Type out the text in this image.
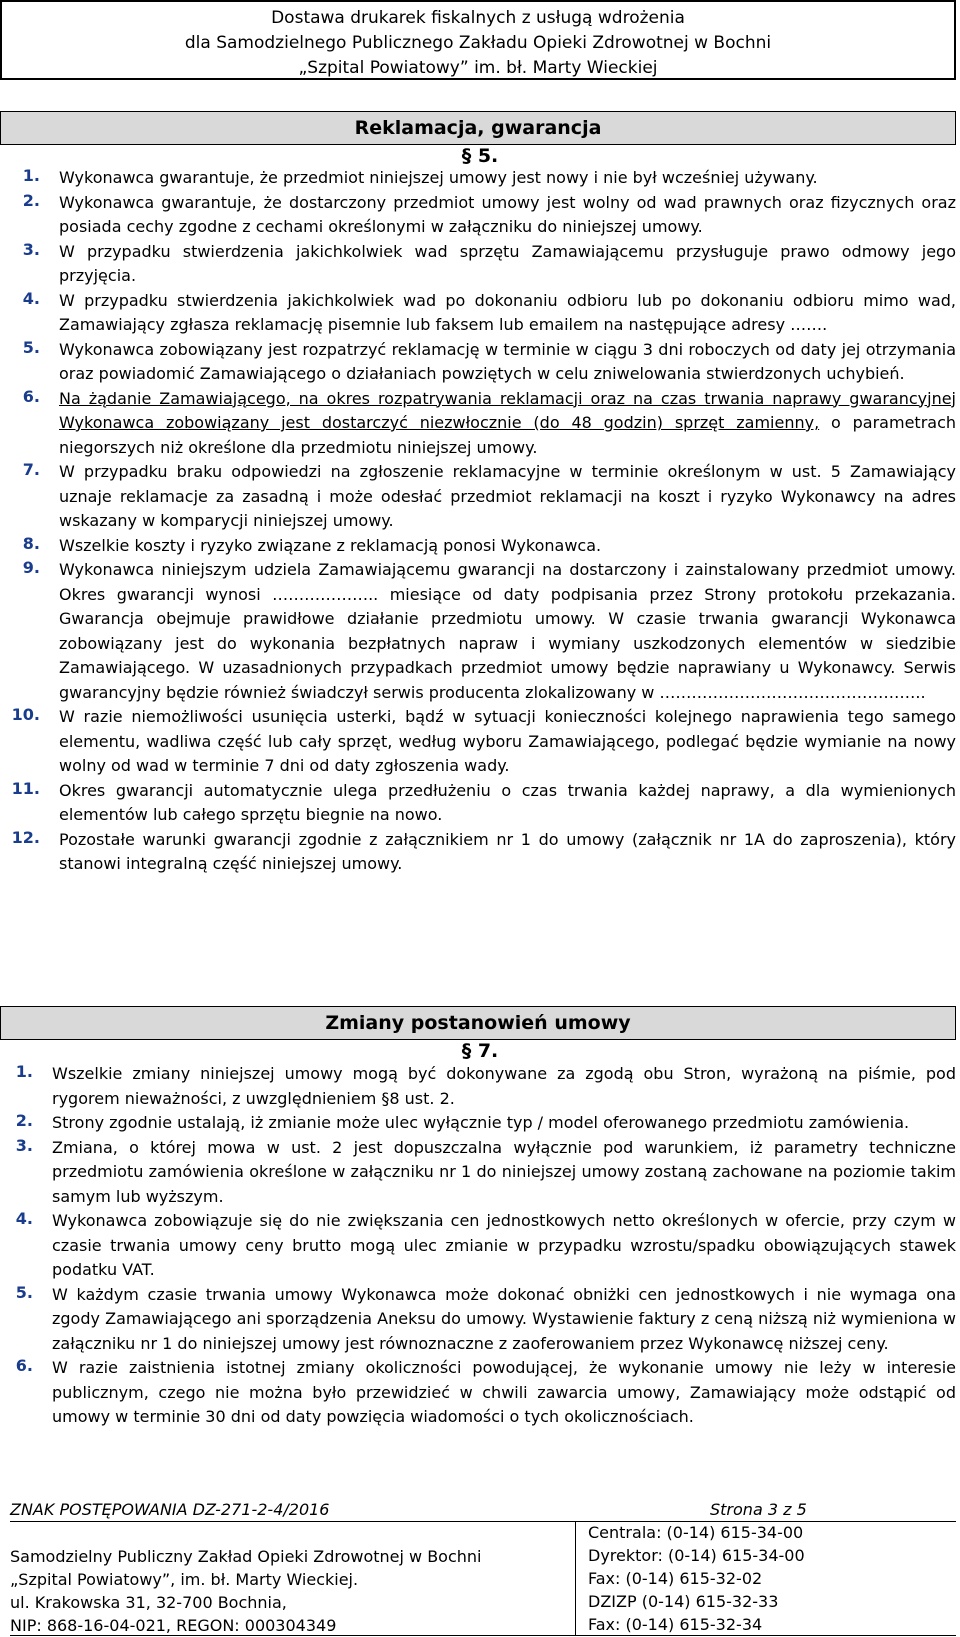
Dostawa drukarek fiskalnych z usługą wdrożenia
dla Samodzielnego Publicznego Zakładu Opieki Zdrowotnej w Bochni
„Szpital Powiatowy” im. bł. Marty Wieckiej
Reklamacja, gwarancja
§ 5.
1. Wykonawca gwarantuje, że przedmiot niniejszej umowy jest nowy i nie był wcześniej używany.
2. Wykonawca gwarantuje, że dostarczony przedmiot umowy jest wolny od wad prawnych oraz fizycznych oraz posiada cechy zgodne z cechami określonymi w załączniku do niniejszej umowy.
3. W przypadku stwierdzenia jakichkolwiek wad sprzętu Zamawiającemu przysługuje prawo odmowy jego przyjęcia.
4. W przypadku stwierdzenia jakichkolwiek wad po dokonaniu odbioru lub po dokonaniu odbioru mimo wad, Zamawiający zgłasza reklamację pisemnie lub faksem lub emailem na następujące adresy …….
5. Wykonawca zobowiązany jest rozpatrzyć reklamację w terminie w ciągu 3 dni roboczych od daty jej otrzymania oraz powiadomić Zamawiającego o działaniach powziętych w celu zniwelowania stwierdzonych uchybień.
6. Na żądanie Zamawiającego, na okres rozpatrywania reklamacji oraz na czas trwania naprawy gwarancyjnej Wykonawca zobowiązany jest dostarczyć niezwłocznie (do 48 godzin) sprzęt zamienny, o parametrach niegorszych niż określone dla przedmiotu niniejszej umowy.
7. W przypadku braku odpowiedzi na zgłoszenie reklamacyjne w terminie określonym w ust. 5 Zamawiający uznaje reklamacje za zasadną i może odesłać przedmiot reklamacji na koszt i ryzyko Wykonawcy na adres wskazany w komparycji niniejszej umowy.
8. Wszelkie koszty i ryzyko związane z reklamacją ponosi Wykonawca.
9. Wykonawca niniejszym udziela Zamawiającemu gwarancji na dostarczony i zainstalowany przedmiot umowy. Okres gwarancji wynosi ……………….. miesiące od daty podpisania przez Strony protokołu przekazania. Gwarancja obejmuje prawidłowe działanie przedmiotu umowy. W czasie trwania gwarancji Wykonawca zobowiązany jest do wykonania bezpłatnych napraw i wymiany uszkodzonych elementów w siedzibie Zamawiającego. W uzasadnionych przypadkach przedmiot umowy będzie naprawiany u Wykonawcy. Serwis gwarancyjny będzie również świadczył serwis producenta zlokalizowany w …………………………………………..
10. W razie niemożliwości usunięcia usterki, bądź w sytuacji konieczności kolejnego naprawienia tego samego elementu, wadliwa część lub cały sprzęt, według wyboru Zamawiającego, podlegać będzie wymianie na nowy wolny od wad w terminie 7 dni od daty zgłoszenia wady.
11. Okres gwarancji automatycznie ulega przedłużeniu o czas trwania każdej naprawy, a dla wymienionych elementów lub całego sprzętu biegnie na nowo.
12. Pozostałe warunki gwarancji zgodnie z załącznikiem nr 1 do umowy (załącznik nr 1A do zaproszenia), który stanowi integralną część niniejszej umowy.
Zmiany postanowień umowy
§ 7.
1. Wszelkie zmiany niniejszej umowy mogą być dokonywane za zgodą obu Stron, wyrażoną na piśmie, pod rygorem nieważności, z uwzględnieniem §8 ust. 2.
2. Strony zgodnie ustalają, iż zmianie może ulec wyłącznie typ / model oferowanego przedmiotu zamówienia.
3. Zmiana, o której mowa w ust. 2 jest dopuszczalna wyłącznie pod warunkiem, iż parametry techniczne przedmiotu zamówienia określone w załączniku nr 1 do niniejszej umowy zostaną zachowane na poziomie takim samym lub wyższym.
4. Wykonawca zobowiązuje się do nie zwiększania cen jednostkowych netto określonych w ofercie, przy czym w czasie trwania umowy ceny brutto mogą ulec zmianie w przypadku wzrostu/spadku obowiązujących stawek podatku VAT.
5. W każdym czasie trwania umowy Wykonawca może dokonać obniżki cen jednostkowych i nie wymaga ona zgody Zamawiającego ani sporządzenia Aneksu do umowy. Wystawienie faktury z ceną niższą niż wymieniona w załączniku nr 1 do niniejszej umowy jest równoznaczne z zaoferowaniem przez Wykonawcę niższej ceny.
6. W razie zaistnienia istotnej zmiany okoliczności powodującej, że wykonanie umowy nie leży w interesie publicznym, czego nie można było przewidzieć w chwili zawarcia umowy, Zamawiający może odstąpić od umowy w terminie 30 dni od daty powzięcia wiadomości o tych okolicznościach.
ZNAK POSTĘPOWANIA DZ-271-2-4/2016	Strona 3 z 5
Samodzielny Publiczny Zakład Opieki Zdrowotnej w Bochni
„Szpital Powiatowy”, im. bł. Marty Wieckiej.
ul. Krakowska 31, 32-700 Bochnia,
NIP: 868-16-04-021, REGON: 000304349
Centrala: (0-14) 615-34-00
Dyrektor: (0-14) 615-34-00
Fax: (0-14) 615-32-02
DZIZP (0-14) 615-32-33
Fax: (0-14) 615-32-34
